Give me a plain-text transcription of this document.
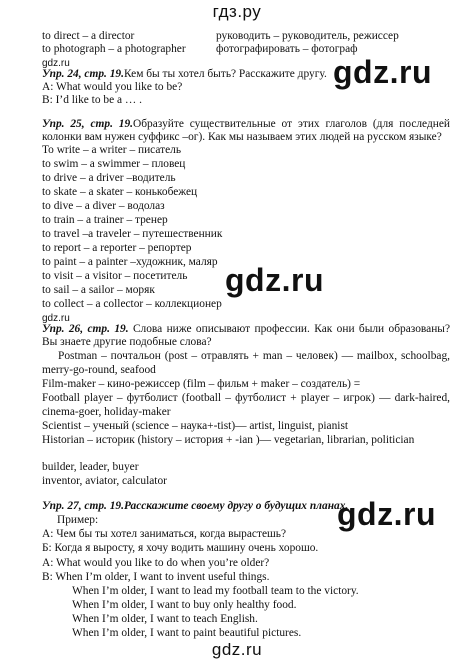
гдз.ру
to direct – a director	руководить – руководитель, режиссер
to photograph – a photographer	фотографировать – фотограф
gdz.ru
Упр. 24, стр. 19.Кем бы ты хотел быть? Расскажите другу.
A: What would you like to be?
B: I’d like to be a … .
gdz.ru
Упр. 25, стр. 19.Образуйте существительные от этих глаголов (для последней
колонки вам нужен суффикс –ог). Как мы называем этих людей на русском языке?
To write – a writer – писатель
to swim – a swimmer – пловец
to drive – a driver –водитель
to skate – a skater – конькобежец
to dive – a diver – водолаз
to train – a trainer – тренер
to travel –a traveler – путешественник
to report – a reporter – репортер
to paint – a painter –художник, маляр
to visit – a visitor – посетитель
to sail – a sailor – моряк
to collect – a collector – коллекционер
gdz.ru
gdz.ru
Упр. 26, стр. 19. Слова ниже описывают профессии. Как они были образованы?
Вы знаете другие подобные слова?
Postman – почтальон (post – отравлять + man – человек) — mailbox, schoolbag,
merry-go-round, seafood
Film-maker – кино-режиссер (film – фильм + maker – создатель) =
Football player – футболист (football – футболист + player – игрок) — dark-haired,
cinema-goer, holiday-maker
Scientist – ученый (science – наука+-tist)— artist, linguist, pianist
Historian – историк (history – история + -ian )— vegetarian, librarian, politician
builder, leader, buyer
inventor, aviator, calculator
Упр. 27, стр. 19.Расскажите своему другу о будущих планах.
Пример:	gdz.ru
А: Чем бы ты хотел заниматься, когда вырастешь?
Б: Когда я выросту, я хочу водить машину очень хорошо.
A: What would you like to do when you’re older?
B: When I’m older, I want to invent useful things.
When I’m older, I want to lead my football team to the victory.
When I’m older, I want to buy only healthy food.
When I’m older, I want to teach English.
When I’m older, I want to paint beautiful pictures.
gdz.ru
